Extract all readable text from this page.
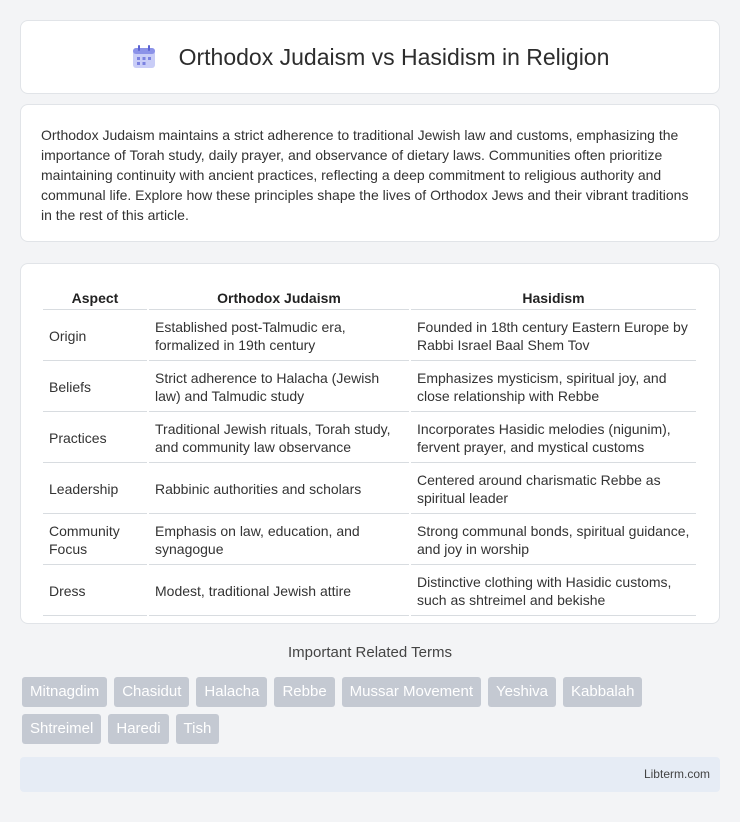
Orthodox Judaism vs Hasidism in Religion

Orthodox Judaism maintains a strict adherence to traditional Jewish law and customs, emphasizing the importance of Torah study, daily prayer, and observance of dietary laws. Communities often prioritize maintaining continuity with ancient practices, reflecting a deep commitment to religious authority and communal life. Explore how these principles shape the lives of Orthodox Jews and their vibrant traditions in the rest of this article.

Aspect	Orthodox Judaism	Hasidism
Origin	Established post-Talmudic era, formalized in 19th century	Founded in 18th century Eastern Europe by Rabbi Israel Baal Shem Tov
Beliefs	Strict adherence to Halacha (Jewish law) and Talmudic study	Emphasizes mysticism, spiritual joy, and close relationship with Rebbe
Practices	Traditional Jewish rituals, Torah study, and community law observance	Incorporates Hasidic melodies (nigunim), fervent prayer, and mystical customs
Leadership	Rabbinic authorities and scholars	Centered around charismatic Rebbe as spiritual leader
Community Focus	Emphasis on law, education, and synagogue	Strong communal bonds, spiritual guidance, and joy in worship
Dress	Modest, traditional Jewish attire	Distinctive clothing with Hasidic customs, such as shtreimel and bekishe
Important Related Terms
Mitnagdim	Chasidut	Halacha	Rebbe	Mussar Movement	Yeshiva	Kabbalah
Shtreimel	Haredi	Tish
Libterm.com
